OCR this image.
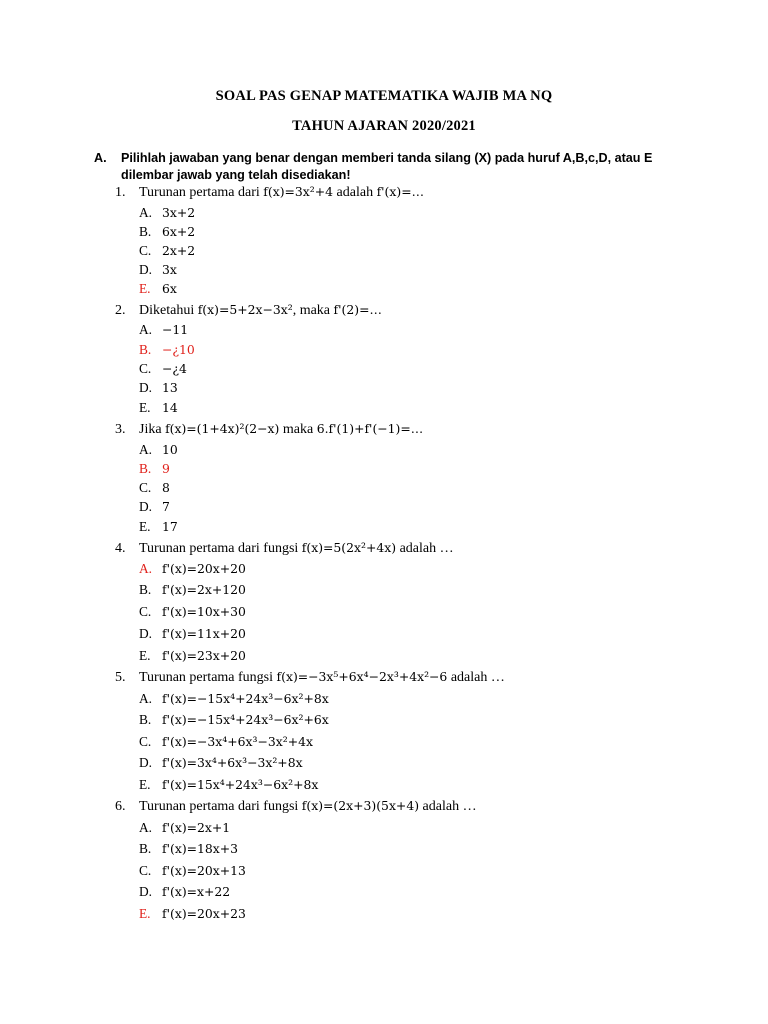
SOAL PAS GENAP MATEMATIKA WAJIB MA NQ
TAHUN AJARAN 2020/2021
A. Pilihlah jawaban yang benar dengan memberi tanda silang (X) pada huruf A,B,c,D, atau E dilembar jawab yang telah disediakan!
1. Turunan pertama dari f(x)=3x²+4 adalah f'(x)=…
A. 3x+2
B. 6x+2
C. 2x+2
D. 3x
E. 6x
2. Diketahui f(x)=5+2x−3x², maka f'(2)=…
A. −11
B. −¿10
C. −¿4
D. 13
E. 14
3. Jika f(x)=(1+4x)²(2−x) maka 6.f'(1)+f'(−1)=…
A. 10
B. 9
C. 8
D. 7
E. 17
4. Turunan pertama dari fungsi f(x)=5(2x²+4x) adalah …
A. f'(x)=20x+20
B. f'(x)=2x+120
C. f'(x)=10x+30
D. f'(x)=11x+20
E. f'(x)=23x+20
5. Turunan pertama fungsi f(x)=−3x⁵+6x⁴−2x³+4x²−6 adalah …
A. f'(x)=−15x⁴+24x³−6x²+8x
B. f'(x)=−15x⁴+24x³−6x²+6x
C. f'(x)=−3x⁴+6x³−3x²+4x
D. f'(x)=3x⁴+6x³−3x²+8x
E. f'(x)=15x⁴+24x³−6x²+8x
6. Turunan pertama dari fungsi f(x)=(2x+3)(5x+4) adalah …
A. f'(x)=2x+1
B. f'(x)=18x+3
C. f'(x)=20x+13
D. f'(x)=x+22
E. f'(x)=20x+23
